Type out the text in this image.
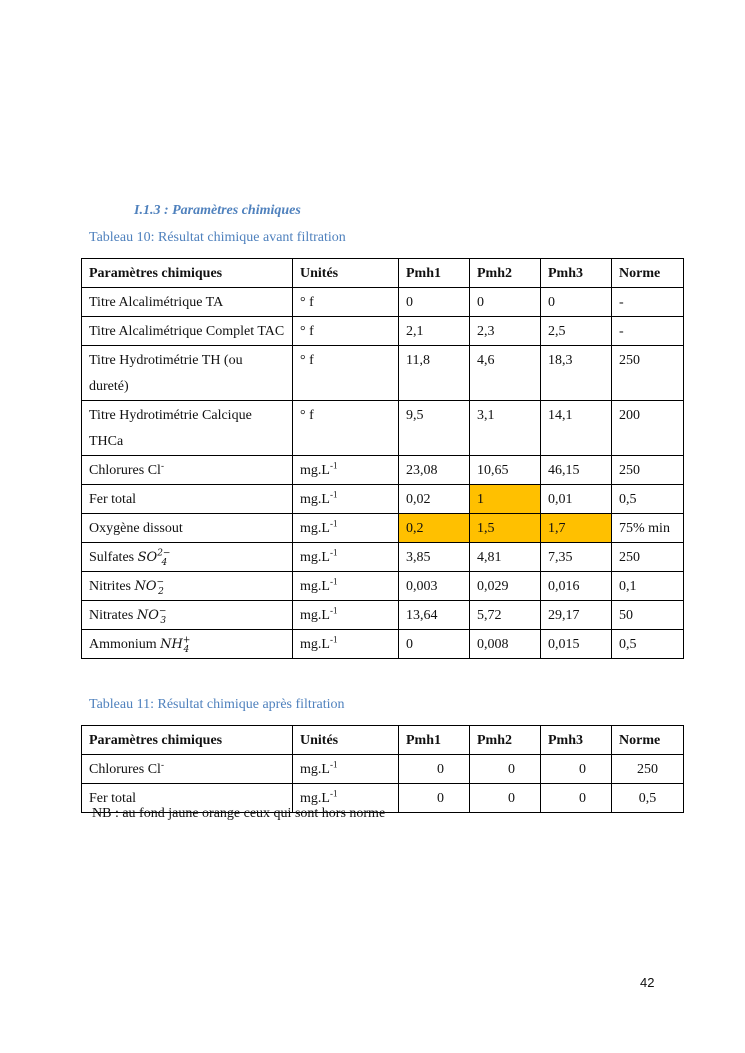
I.1.3 : Paramètres chimiques
Tableau 10: Résultat chimique avant filtration
Paramètres chimiques	Unités	Pmh1	Pmh2	Pmh3	Norme
Titre Alcalimétrique TA	° f	0	0	0	-
Titre Alcalimétrique Complet TAC	° f	2,1	2,3	2,5	-
Titre Hydrotimétrie TH (ou dureté)	° f	11,8	4,6	18,3	250
Titre Hydrotimétrie Calcique THCa	° f	9,5	3,1	14,1	200
Chlorures Cl-	$mg.L^{-1}$	23,08	10,65	46,15	250
Fer total	$mg.L^{-1}$	0,02	1	0,01	0,5
Oxygène dissout	$mg.L^{-1}$	0,2	1,5	1,7	75% min
Sulfates $SO^{2-}_4$	$mg.L^{-1}$	3,85	4,81	7,35	250
Nitrites $NO^-_2$	$mg.L^{-1}$	0,003	0,029	0,016	0,1
Nitrates $NO^-_3$	$mg.L^{-1}$	13,64	5,72	29,17	50
Ammonium $NH^+_4$	$mg.L^{-1}$	0	0,008	0,015	0,5
Tableau 11: Résultat chimique après filtration
Paramètres chimiques	Unités	Pmh1	Pmh2	Pmh3	Norme
Chlorures Cl-	$mg.L^{-1}$	0	0	0	250
Fer total	$mg.L^{-1}$	0	0	0	0,5
NB : au fond jaune orange ceux qui sont hors norme
42
